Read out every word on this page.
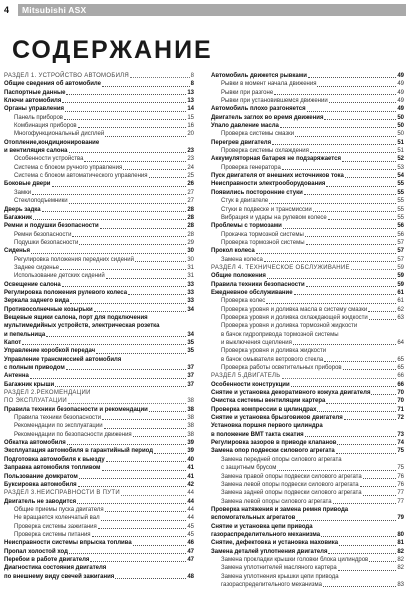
4	Mitsubishi ASX
СОДЕРЖАНИЕ
РАЗДЕЛ 1. УСТРОЙСТВО АВТОМОБИЛЯ	8
Общие сведения об автомобиле	8
Паспортные данные	13
Ключи автомобиля	13
Органы управления	14
Панель приборов	15
Комбинация приборов	16
Многофункциональный дисплей	20
Отопление,кондиционирование
и вентиляция салона	23
Особенности устройства	23
Система с блоком ручного управления	24
Система с блоком автоматического управления	25
Боковые двери	26
Замки	27
Стеклоподъемники	27
Дверь задка	28
Багажник	28
Ремни и подушки безопасности	28
Ремни безопасности	28
Подушки безопасности	29
Сиденья	30
Регулировка положения передних сидений	30
Заднее сиденье	31
Использование детских сидений	31
Освещение салона	33
Регулировка положения рулевого колеса	33
Зеркала заднего вида	33
Противосолнечные козырьки	34
Вещевые ящики салона, порт для подключения
мультимедийных устройств, электрическая розетка
и пепельница	34
Капот	35
Управление коробкой передач	35
Управление трансмиссией автомобиля
с полным приводом	37
Антенна	37
Багажник крыши	37
РАЗДЕЛ 2.РЕКОМЕНДАЦИИ
ПО ЭКСПЛУАТАЦИИ	38
Правила техники безопасности и рекомендации	38
Правила техники безопасности	38
Рекомендации по эксплуатации	38
Рекомендации по безопасности движения	38
Обкатка автомобиля	39
Эксплуатация автомобиля в гарантийный период	39
Подготовка автомобиля к выезду	40
Заправка автомобиля топливом	41
Пользование домкратом	41
Буксировка автомобиля	42
РАЗДЕЛ 3.НЕИСПРАВНОСТИ В ПУТИ	44
Двигатель не заводится	44
Общие приемы пуска двигателя	44
Не вращается коленчатый вал	44
Проверка системы зажигания	45
Проверка системы питания	45
Неисправности системы впрыска топлива	46
Пропал холостой ход	47
Перебои в работе двигателя	47
Диагностика состояния двигателя
по внешнему виду свечей зажигания	48
Автомобиль движется рывками	49
Рывки в момент начала движения	49
Рывки при разгоне	49
Рывки при установившемся движении	49
Автомобиль плохо разгоняется	49
Двигатель заглох во время движения	50
Упало давление масла	50
Проверка системы смазки	50
Перегрев двигателя	51
Проверка системы охлаждения	51
Аккумуляторная батарея не подзаряжается	52
Проверка генератора	53
Пуск двигателя от внешних источников тока	54
Неисправности электрооборудования	55
Появились посторонние стуки	55
Стук в двигателе	55
Стуки в подвеске и трансмиссии	55
Вибрация и удары на рулевом колесе	55
Проблемы с тормозами	56
Прокачка тормозной системы	56
Проверка тормозной системы	57
Прокол колеса	57
Замена колеса	57
РАЗДЕЛ 4. ТЕХНИЧЕСКОЕ ОБСЛУЖИВАНИЕ	59
Общие положения	59
Правила техники безопасности	59
Ежедневное обслуживание	61
Проверка колес	61
Проверка уровня и доливка масла в систему смазки	62
Проверка уровня и доливка охлаждающей жидкости	63
Проверка уровня и доливка тормозной жидкости
в бачок гидропривода тормозной системы
и выключения сцепления	64
Проверка уровня и доливка жидкости
в бачок омывателя ветрового стекла	65
Проверка работы осветительных приборов	65
РАЗДЕЛ 5.ДВИГАТЕЛЬ	66
Особенности конструкции	66
Снятие и установка декоративного кожуха двигателя	70
Очистка системы вентиляции картера	70
Проверка компрессии в цилиндрах	71
Снятие и установка брызговиков двигателя	72
Установка поршня первого цилиндра
в положение ВМТ такта сжатия	73
Регулировка зазоров в приводе клапанов	74
Замена опор подвески силового агрегата	75
Замена передней опоры силового агрегата
с защитным брусом	75
Замена правой опоры подвески силового агрегата	76
Замена левой опоры подвески силового агрегата	76
Замена задней опоры подвески силового агрегата	77
Замена левой опоры силового агрегата	77
Проверка натяжения и замена ремня привода
вспомогательных агрегатов	79
Снятие и установка цепи привода
газораспределительного механизма	80
Снятие, дефектовка и установка маховика	81
Замена деталей уплотнения двигателя	82
Замена прокладки крышки головки блока цилиндров	82
Замена уплотнителей масляного картера	82
Замена уплотнения крышки цепи привода
газораспределительного механизма	83
